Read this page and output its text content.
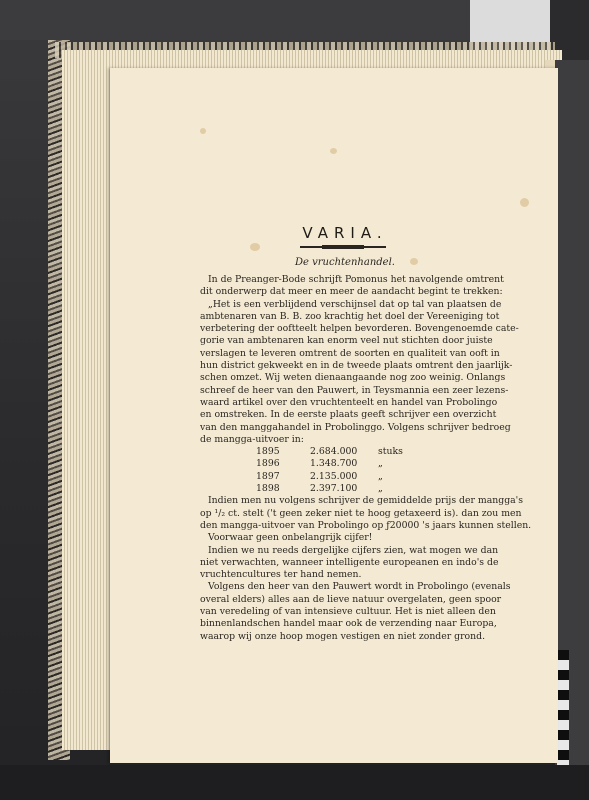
VARIA.
De vruchtenhandel.
In de Preanger-Bode schrijft Pomonus het navolgende omtrent
dit onderwerp dat meer en meer de aandacht begint te trekken:
„Het is een verblijdend verschijnsel dat op tal van plaatsen de
ambtenaren van B. B. zoo krachtig het doel der Vereeniging tot
verbetering der ooftteelt helpen bevorderen. Bovengenoemde cate-
gorie van ambtenaren kan enorm veel nut stichten door juiste
verslagen te leveren omtrent de soorten en qualiteit van ooft in
hun district gekweekt en in de tweede plaats omtrent den jaarlijk-
schen omzet. Wij weten dienaangaande nog zoo weinig. Onlangs
schreef de heer van den Pauwert, in Teysmannia een zeer lezens-
waard artikel over den vruchtenteelt en handel van Probolingo
en omstreken. In de eerste plaats geeft schrijver een overzicht
van den manggahandel in Probolinggo. Volgens schrijver bedroeg
de mangga-uitvoer in:
1895	2.684.000	stuks
1896	1.348.700	„
1897	2.135.000	„
1898	2.397.100	„
Indien men nu volgens schrijver de gemiddelde prijs der mangga's
op ¹/₂ ct. stelt ('t geen zeker niet te hoog getaxeerd is). dan zou men
den mangga-uitvoer van Probolingo op ƒ20000 's jaars kunnen stellen.
Voorwaar geen onbelangrijk cijfer!
Indien we nu reeds dergelijke cijfers zien, wat mogen we dan
niet verwachten, wanneer intelligente europeanen en indo's de
vruchtencultures ter hand nemen.
Volgens den heer van den Pauwert wordt in Probolingo (evenals
overal elders) alles aan de lieve natuur overgelaten, geen spoor
van veredeling of van intensieve cultuur. Het is niet alleen den
binnenlandschen handel maar ook de verzending naar Europa,
waarop wij onze hoop mogen vestigen en niet zonder grond.
